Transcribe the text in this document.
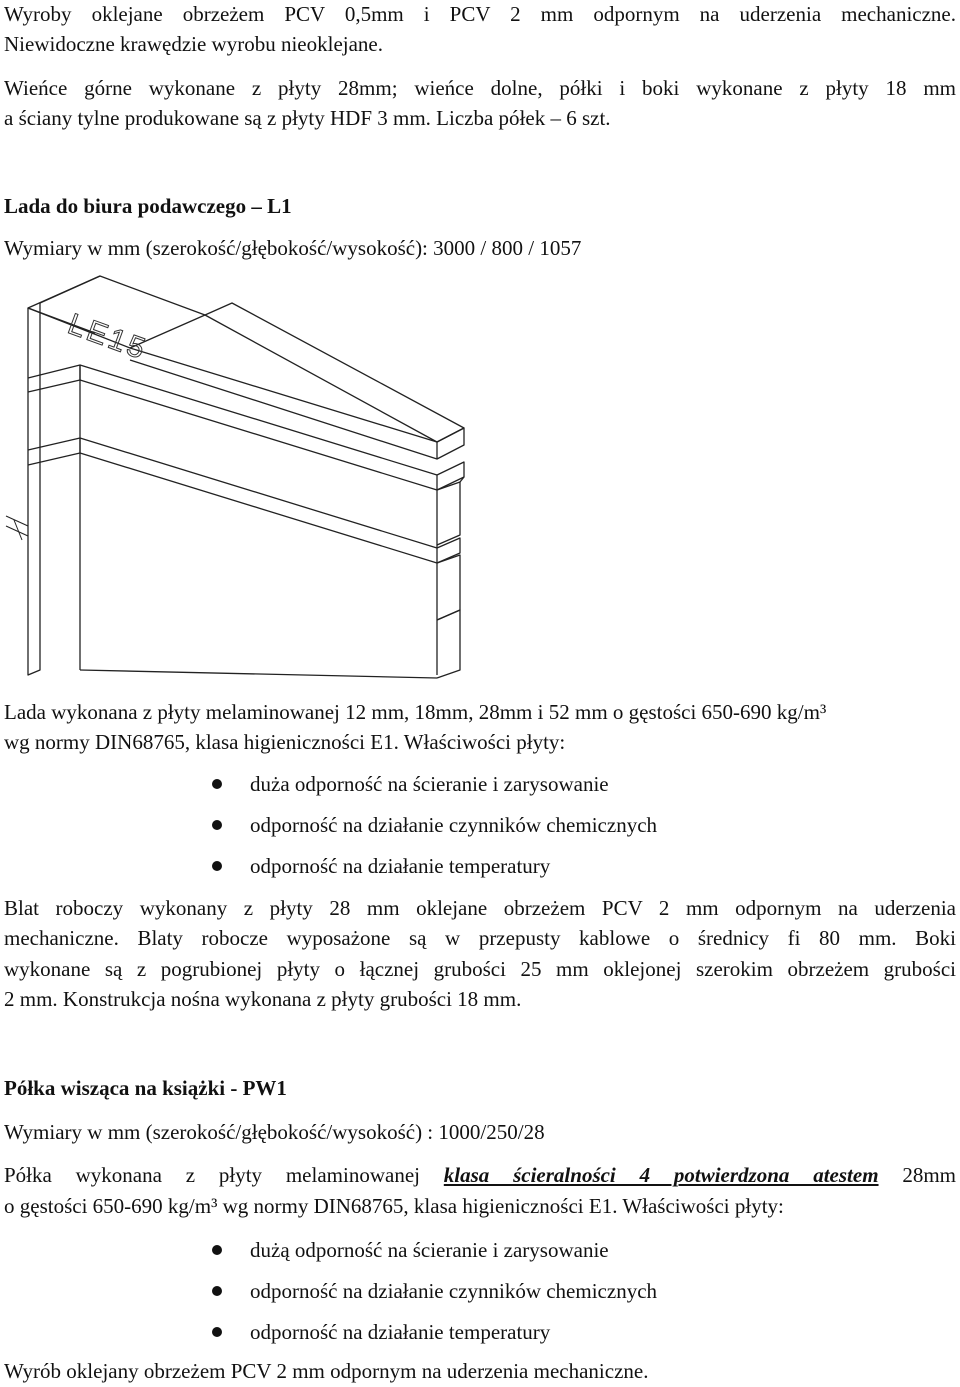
Wyroby oklejane obrzeżem PCV 0,5mm i PCV 2 mm odpornym na uderzenia mechaniczne.
Niewidoczne krawędzie wyrobu nieoklejane.
Wieńce górne wykonane z płyty 28mm; wieńce dolne, półki i boki wykonane z płyty 18 mm
a ściany tylne produkowane są z płyty HDF 3 mm. Liczba półek – 6 szt.
Lada do biura podawczego – L1
Wymiary w mm (szerokość/głębokość/wysokość): 3000 / 800 / 1057
LE15
Lada wykonana z płyty melaminowanej 12 mm, 18mm, 28mm i 52 mm o gęstości 650-690 kg/m³
wg normy DIN68765, klasa higieniczności E1. Właściwości płyty:
duża odporność na ścieranie i zarysowanie
odporność na działanie czynników chemicznych
odporność na działanie temperatury
Blat roboczy wykonany z płyty 28 mm oklejane obrzeżem PCV 2 mm odpornym na uderzenia
mechaniczne. Blaty robocze wyposażone są w przepusty kablowe o średnicy fi 80 mm. Boki
wykonane są z pogrubionej płyty o łącznej grubości 25 mm oklejonej szerokim obrzeżem grubości
2 mm. Konstrukcja nośna wykonana z płyty grubości 18 mm.
Półka wisząca na książki - PW1
Wymiary w mm (szerokość/głębokość/wysokość) : 1000/250/28
Półka wykonana z płyty melaminowanej klasa ścieralności 4 potwierdzona atestem 28mm
o gęstości 650-690 kg/m³ wg normy DIN68765, klasa higieniczności E1. Właściwości płyty:
dużą odporność na ścieranie i zarysowanie
odporność na działanie czynników chemicznych
odporność na działanie temperatury
Wyrób oklejany obrzeżem PCV 2 mm odpornym na uderzenia mechaniczne.
